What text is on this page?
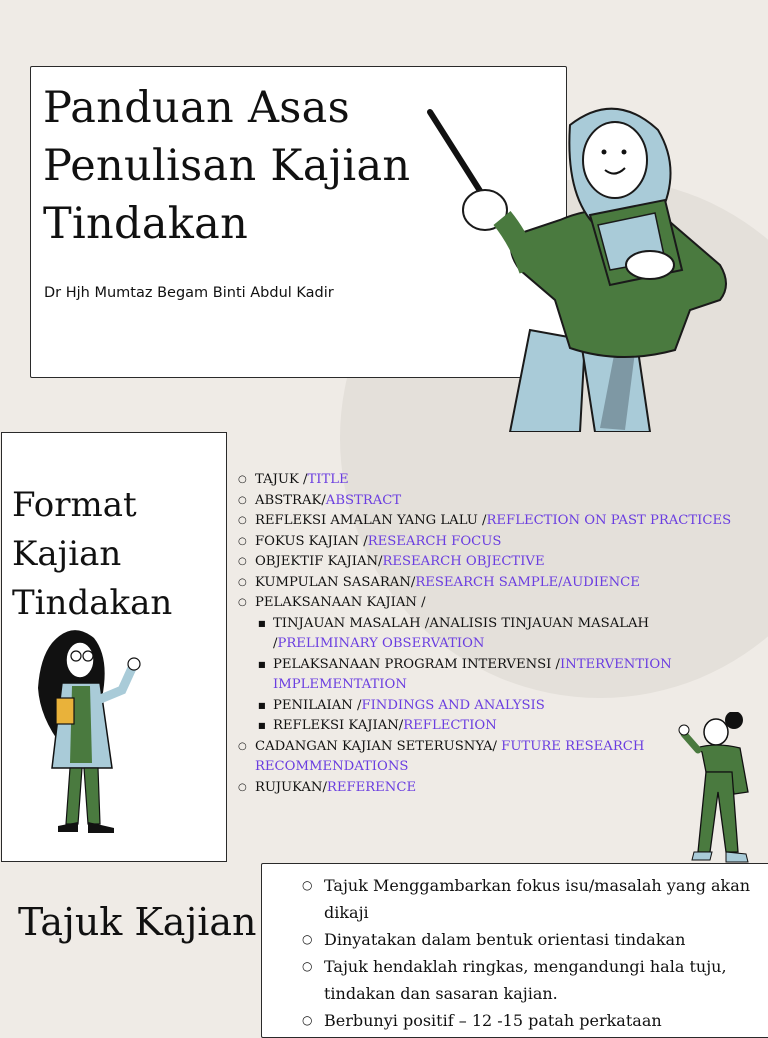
Panduan Asas Penulisan Kajian Tindakan
Dr Hjh Mumtaz Begam Binti Abdul Kadir
Format Kajian Tindakan
○ TAJUK / TITLE
○ ABSTRAK/ ABSTRACT
○ REFLEKSI AMALAN YANG LALU / REFLECTION ON PAST PRACTICES
○ FOKUS KAJIAN / RESEARCH FOCUS
○ OBJEKTIF KAJIAN/ RESEARCH OBJECTIVE
○ KUMPULAN SASARAN/ RESEARCH SAMPLE/AUDIENCE
○ PELAKSANAAN KAJIAN /
■ TINJAUAN MASALAH /ANALISIS TINJAUAN MASALAH /PRELIMINARY OBSERVATION
■ PELAKSANAAN PROGRAM INTERVENSI /INTERVENTION IMPLEMENTATION
■ PENILAIAN / FINDINGS AND ANALYSIS
■ REFLEKSI KAJIAN/ REFLECTION
○ CADANGAN KAJIAN SETERUSNYA/ FUTURE RESEARCH RECOMMENDATIONS
○ RUJUKAN/ REFERENCE
Tajuk Kajian
○ Tajuk Menggambarkan fokus isu/masalah yang akan dikaji
○ Dinyatakan dalam bentuk orientasi tindakan
○ Tajuk hendaklah ringkas, mengandungi hala tuju, tindakan dan sasaran kajian.
○ Berbunyi positif – 12 -15 patah perkataan
